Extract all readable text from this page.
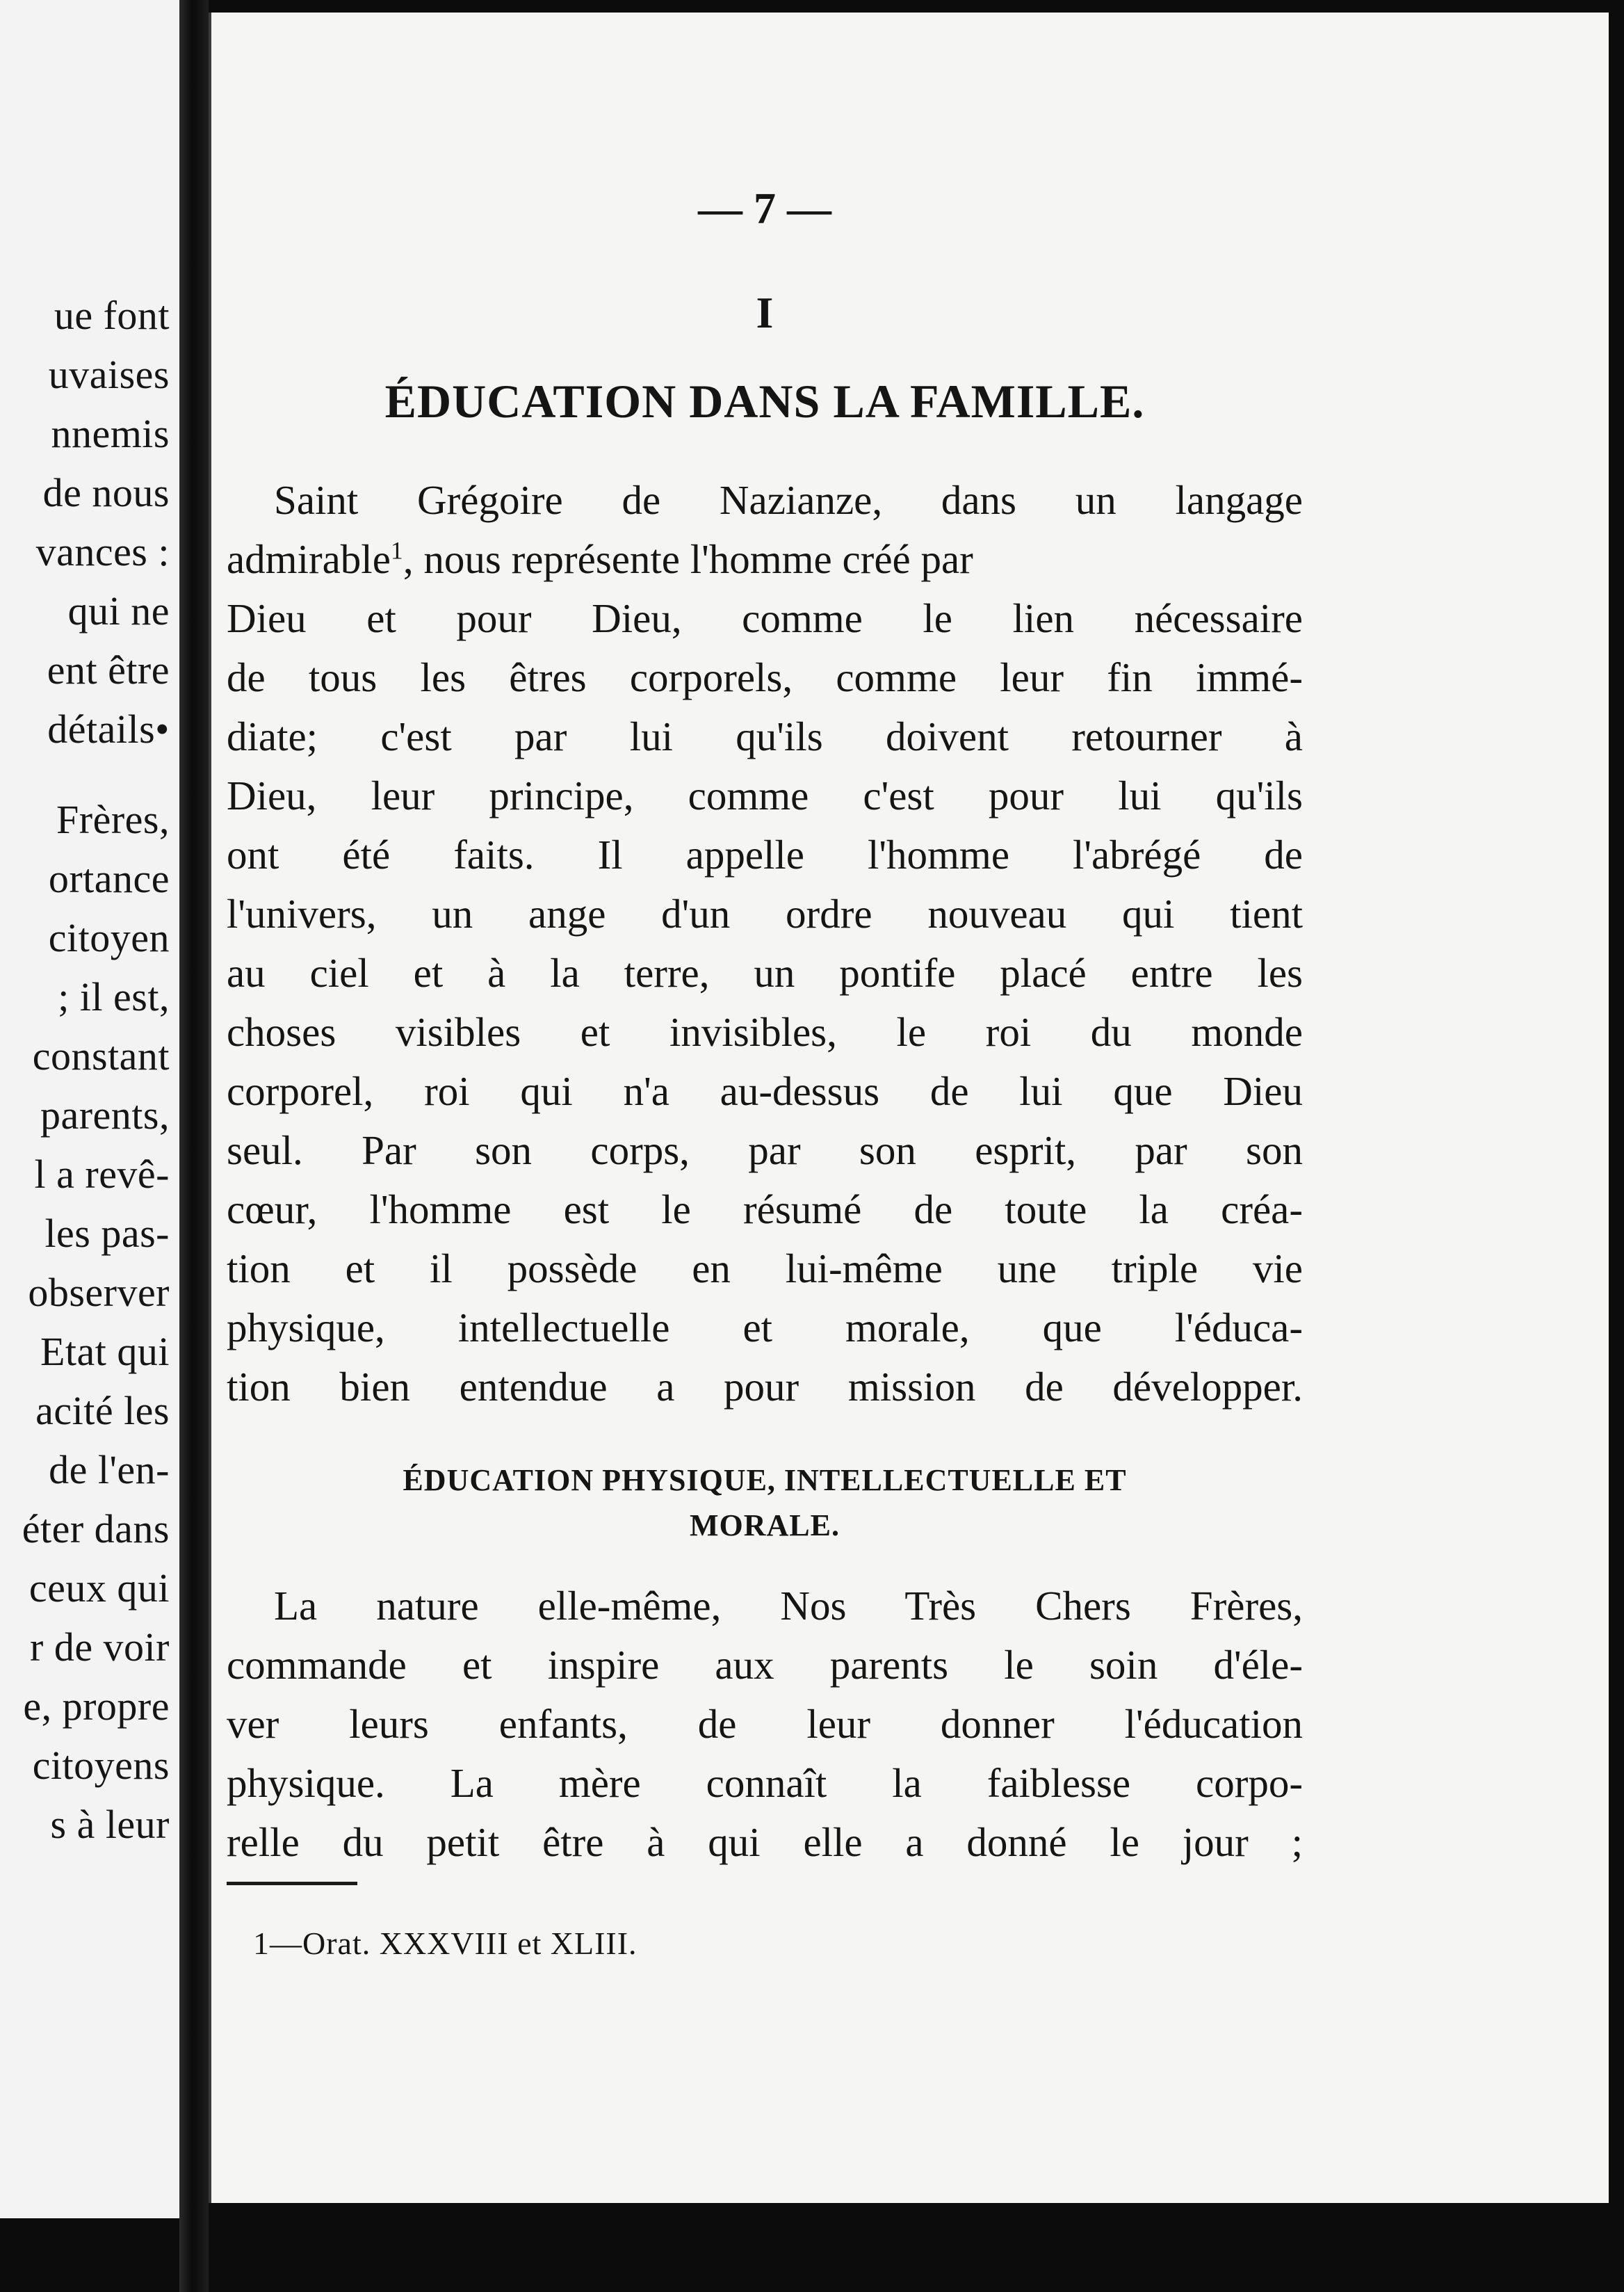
ue font
uvaises
nnemis
de nous
vances :
qui ne
ent être
détails•
Frères,
ortance
citoyen
; il est,
constant
parents,
l a revê-
les pas-
observer
Etat qui
acité les
de l'en-
éter dans
ceux qui
r de voir
e, propre
citoyens
s à leur
— 7 —
I
ÉDUCATION DANS LA FAMILLE.
Saint Grégoire de Nazianze, dans un langage
admirable$^1$, nous représente l'homme créé par
Dieu et pour Dieu, comme le lien nécessaire
de tous les êtres corporels, comme leur fin immé-
diate; c'est par lui qu'ils doivent retourner à
Dieu, leur principe, comme c'est pour lui qu'ils
ont été faits. Il appelle l'homme l'abrégé de
l'univers, un ange d'un ordre nouveau qui tient
au ciel et à la terre, un pontife placé entre les
choses visibles et invisibles, le roi du monde
corporel, roi qui n'a au-dessus de lui que Dieu
seul. Par son corps, par son esprit, par son
cœur, l'homme est le résumé de toute la créa-
tion et il possède en lui-même une triple vie
physique, intellectuelle et morale, que l'éduca-
tion bien entendue a pour mission de développer.
ÉDUCATION PHYSIQUE, INTELLECTUELLE ET
MORALE.
La nature elle-même, Nos Très Chers Frères,
commande et inspire aux parents le soin d'éle-
ver leurs enfants, de leur donner l'éducation
physique. La mère connaît la faiblesse corpo-
relle du petit être à qui elle a donné le jour ;
1—Orat. XXXVIII et XLIII.
